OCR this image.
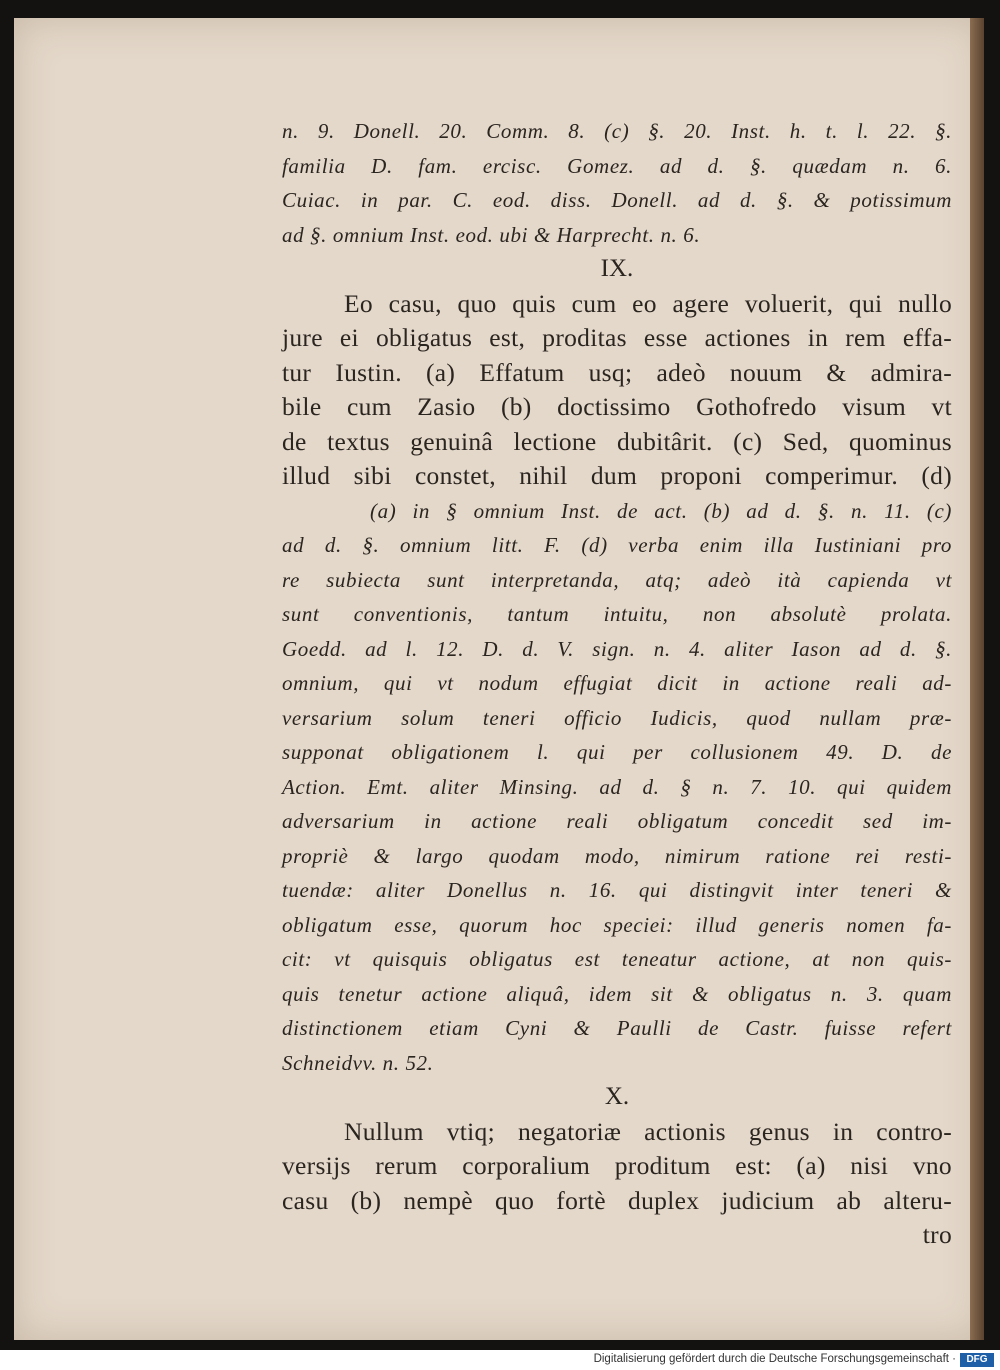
n. 9. Donell. 20. Comm. 8. (c) §. 20. Inst. h. t. l. 22. §.

familia D. fam. ercisc. Gomez. ad d. §. quædam n. 6.

Cuiac. in par. C. eod. diss. Donell. ad d. §. & potissimum

ad §. omnium Inst. eod. ubi & Harprecht. n. 6.

IX.

Eo casu, quo quis cum eo agere voluerit, qui nullo

jure ei obligatus est, proditas esse actiones in rem effa-

tur Iustin. (a) Effatum usq; adeò nouum & admira-

bile cum Zasio (b) doctissimo Gothofredo visum vt

de textus genuinâ lectione dubitârit. (c) Sed, quominus

illud sibi constet, nihil dum proponi comperimur. (d)

(a) in § omnium Inst. de act. (b) ad d. §. n. 11. (c)

ad d. §. omnium litt. F. (d) verba enim illa Iustiniani pro

re subiecta sunt interpretanda, atq; adeò ità capienda vt

sunt conventionis, tantum intuitu, non absolutè prolata.

Goedd. ad l. 12. D. d. V. sign. n. 4. aliter Iason ad d. §.

omnium, qui vt nodum effugiat dicit in actione reali ad-

versarium solum teneri officio Iudicis, quod nullam præ-

supponat obligationem l. qui per collusionem 49. D. de

Action. Emt. aliter Minsing. ad d. § n. 7. 10. qui quidem

adversarium in actione reali obligatum concedit sed im-

propriè & largo quodam modo, nimirum ratione rei resti-

tuendæ: aliter Donellus n. 16. qui distingvit inter teneri &

obligatum esse, quorum hoc speciei: illud generis nomen fa-

cit: vt quisquis obligatus est teneatur actione, at non quis-

quis tenetur actione aliquâ, idem sit & obligatus n. 3. quam

distinctionem etiam Cyni & Paulli de Castr. fuisse refert

Schneidvv. n. 52.

X.

Nullum vtiq; negatoriæ actionis genus in contro-

versijs rerum corporalium proditum est: (a) nisi vno

casu (b) nempè quo fortè duplex judicium ab alteru-

tro

Digitalisierung gefördert durch die Deutsche Forschungsgemeinschaft ·	DFG
